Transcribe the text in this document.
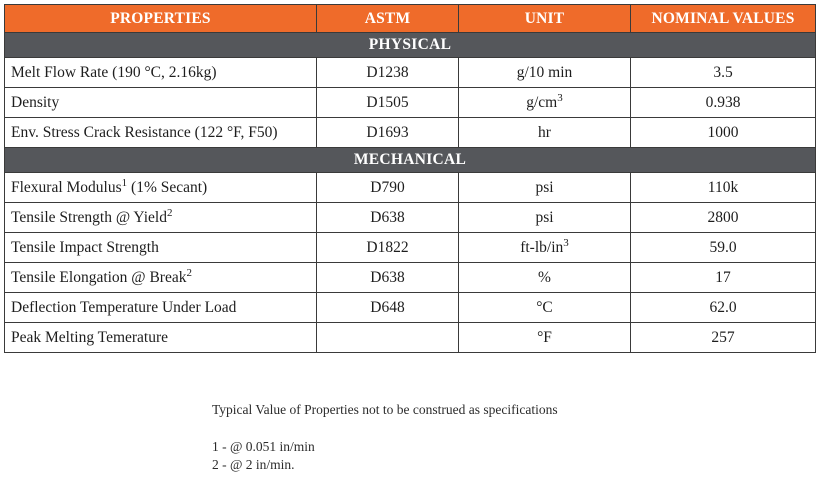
PROPERTIES	ASTM	UNIT	NOMINAL VALUES
PHYSICAL			
Melt Flow Rate (190 °C, 2.16kg)	D1238	g/10 min	3.5
Density	D1505	$g/cm^3$	0.938
Env. Stress Crack Resistance (122 °F, F50)	D1693	hr	1000
MECHANICAL			
Flexural Modulus$^1$ (1% Secant)	D790	psi	110k
Tensile Strength @ Yield$^2$	D638	psi	2800
Tensile Impact Strength	D1822	$ft-lb/in^3$	59.0
Tensile Elongation @ Break$^2$	D638	%	17
Deflection Temperature Under Load	D648	°C	62.0
Peak Melting Temerature		°F	257
Typical Value of Properties not to be construed as specifications
1 - @ 0.051 in/min
2 - @ 2 in/min.
